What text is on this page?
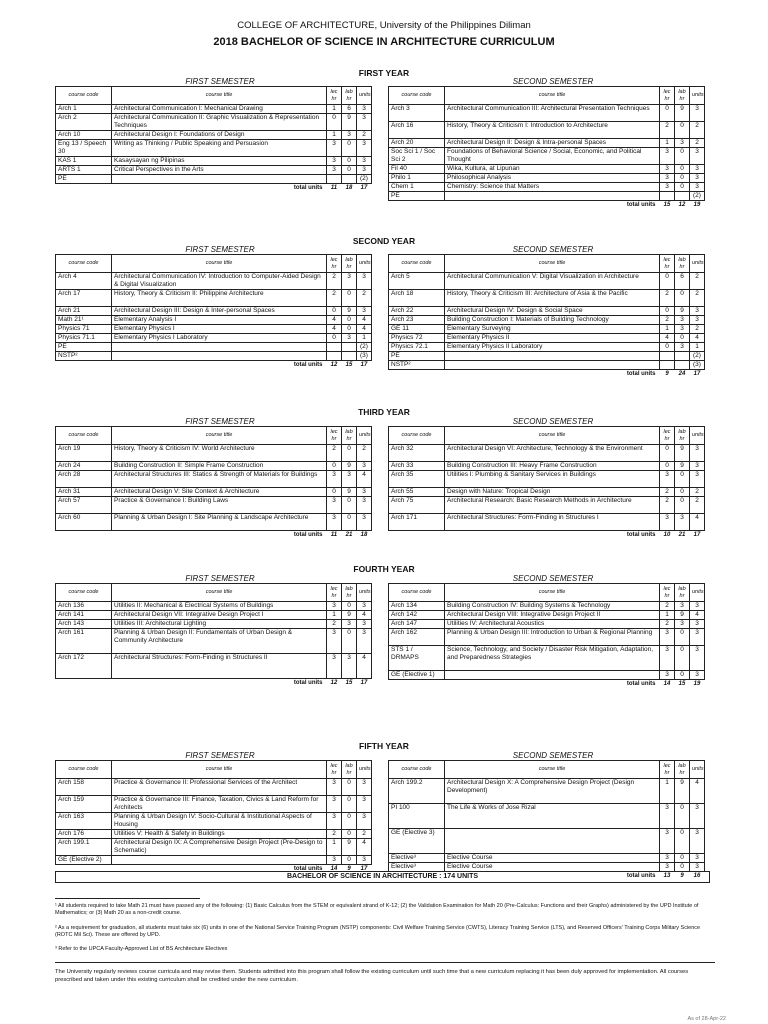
COLLEGE OF ARCHITECTURE, University of the Philippines Diliman
2018 BACHELOR OF SCIENCE IN ARCHITECTURE CURRICULUM
FIRST YEAR
FIRST SEMESTER
course code	course title	lec hr	lab hr	units
Arch 1	Architectural Communication I: Mechanical Drawing	1	6	3
Arch 2	Architectural Communication II: Graphic Visualization & Representation Techniques	0	9	3
Arch 10	Architectural Design I: Foundations of Design	1	3	2
Eng 13 / Speech 30	Writing as Thinking / Public Speaking and Persuasion	3	0	3
KAS 1	Kasaysayan ng Pilipinas	3	0	3
ARTS 1	Critical Perspectives in the Arts	3	0	3
PE				(2)
total units		11	18	17
SECOND SEMESTER
course code	course title	lec hr	lab hr	units
Arch 3	Architectural Communication III: Architectural Presentation Techniques	0	9	3
Arch 16	History, Theory & Criticism I: Introduction to Architecture	2	0	2
Arch 20	Architectural Design II: Design & Intra-personal Spaces	1	3	2
Soc Sci 1 / Soc Sci 2	Foundations of Behavioral Science / Social, Economic, and Political Thought	3	0	3
Fil 40	Wika, Kultura, at Lipunan	3	0	3
Philo 1	Philosophical Analysis	3	0	3
Chem 1	Chemistry: Science that Matters	3	0	3
PE				(2)
total units		15	12	19
SECOND YEAR
FIRST SEMESTER
course code	course title	lec hr	lab hr	units
Arch 4	Architectural Communication IV: Introduction to Computer-Aided Design & Digital Visualization	2	3	3
Arch 17	History, Theory & Criticism II: Philippine Architecture	2	0	2
Arch 21	Architectural Design III: Design & Inter-personal Spaces	0	9	3
Math 21¹	Elementary Analysis I	4	0	4
Physics 71	Elementary Physics I	4	0	4
Physics 71.1	Elementary Physics I Laboratory	0	3	1
PE				(2)
NSTP²				(3)
total units		12	15	17
SECOND SEMESTER
course code	course title	lec hr	lab hr	units
Arch 5	Architectural Communication V: Digital Visualization in Architecture	0	6	2
Arch 18	History, Theory & Criticism III: Architecture of Asia & the Pacific	2	0	2
Arch 22	Architectural Design IV: Design & Social Space	0	9	3
Arch 23	Building Construction I: Materials of Building Technology	2	3	3
GE 11	Elementary Surveying	1	3	2
Physics 72	Elementary Physics II	4	0	4
Physics 72.1	Elementary Physics II Laboratory	0	3	1
PE				(2)
NSTP²				(3)
total units		9	24	17
THIRD YEAR
FIRST SEMESTER
course code	course title	lec hr	lab hr	units
Arch 19	History, Theory & Criticism IV: World Architecture	2	0	2
Arch 24	Building Construction II: Simple Frame Construction	0	9	3
Arch 28	Architectural Structures III: Statics & Strength of Materials for Buildings	3	3	4
Arch 31	Architectural Design V: Site Context & Architecture	0	9	3
Arch 57	Practice & Governance I: Building Laws	3	0	3
Arch 60	Planning & Urban Design I: Site Planning & Landscape Architecture	3	0	3
total units		11	21	18
SECOND SEMESTER
course code	course title	lec hr	lab hr	units
Arch 32	Architectural Design VI: Architecture, Technology & the Environment	0	9	3
Arch 33	Building Construction III: Heavy Frame Construction	0	9	3
Arch 35	Utilities I: Plumbing & Sanitary Services in Buildings	3	0	3
Arch 55	Design with Nature: Tropical Design	2	0	2
Arch 75	Architectural Research: Basic Research Methods in Architecture	2	0	2
Arch 171	Architectural Structures: Form-Finding in Structures I	3	3	4
total units		10	21	17
FOURTH YEAR
FIRST SEMESTER
course code	course title	lec hr	lab hr	units
Arch 136	Utilities II: Mechanical & Electrical Systems of Buildings	3	0	3
Arch 141	Architectural Design VII: Integrative Design Project I	1	9	4
Arch 143	Utilities III: Architectural Lighting	2	3	3
Arch 161	Planning & Urban Design II: Fundamentals of Urban Design & Community Architecture	3	0	3
Arch 172	Architectural Structures: Form-Finding in Structures II	3	3	4
total units		12	15	17
SECOND SEMESTER
course code	course title	lec hr	lab hr	units
Arch 134	Building Construction IV: Building Systems & Technology	2	3	3
Arch 142	Architectural Design VIII: Integrative Design Project II	1	9	4
Arch 147	Utilities IV: Architectural Acoustics	2	3	3
Arch 162	Planning & Urban Design III: Introduction to Urban & Regional Planning	3	0	3
STS 1 / DRMAPS	Science, Technology, and Society / Disaster Risk Mitigation, Adaptation, and Preparedness Strategies	3	0	3
GE (Elective 1)		3	0	3
total units		14	15	19
FIFTH YEAR
FIRST SEMESTER
course code	course title	lec hr	lab hr	units
Arch 158	Practice & Governance II: Professional Services of the Architect	3	0	3
Arch 159	Practice & Governance III: Finance, Taxation, Civics & Land Reform for Architects	3	0	3
Arch 163	Planning & Urban Design IV: Socio-Cultural & Institutional Aspects of Housing	3	0	3
Arch 176	Utilities V: Health & Safety in Buildings	2	0	2
Arch 199.1	Architectural Design IX: A Comprehensive Design Project (Pre-Design to Schematic)	1	9	4
GE (Elective 2)		3	0	3
total units		14	9	17
SECOND SEMESTER
course code	course title	lec hr	lab hr	units
Arch 199.2	Architectural Design X: A Comprehensive Design Project (Design Development)	1	9	4
PI 100	The Life & Works of Jose Rizal	3	0	3
GE (Elective 3)		3	0	3
Elective³	Elective Course	3	0	3
Elective³	Elective Course	3	0	3
total units		13	9	16
BACHELOR OF SCIENCE IN ARCHITECTURE : 174 UNITS
¹ All students required to take Math 21 must have passed any of the following: (1) Basic Calculus from the STEM or equivalent strand of K-12; (2) the Validation Examination for Math 20 (Pre-Calculus: Functions and their Graphs) administered by the UPD Institute of Mathematics; or (3) Math 20 as a non-credit course.
² As a requirement for graduation, all students must take six (6) units in one of the National Service Training Program (NSTP) components: Civil Welfare Training Service (CWTS), Literacy Training Service (LTS), and Reserved Officers' Training Corps Military Science (ROTC Mil Sci). These are offered by UPD.
³ Refer to the UPCA Faculty-Approved List of BS Architecture Electives
The University regularly reviews course curricula and may revise them. Students admitted into this program shall follow the existing curriculum until such time that a new curriculum replacing it has been duly approved for implementation. All courses prescribed and taken under this existing curriculum shall be credited under the new curriculum.
As of 28-Apr-22
